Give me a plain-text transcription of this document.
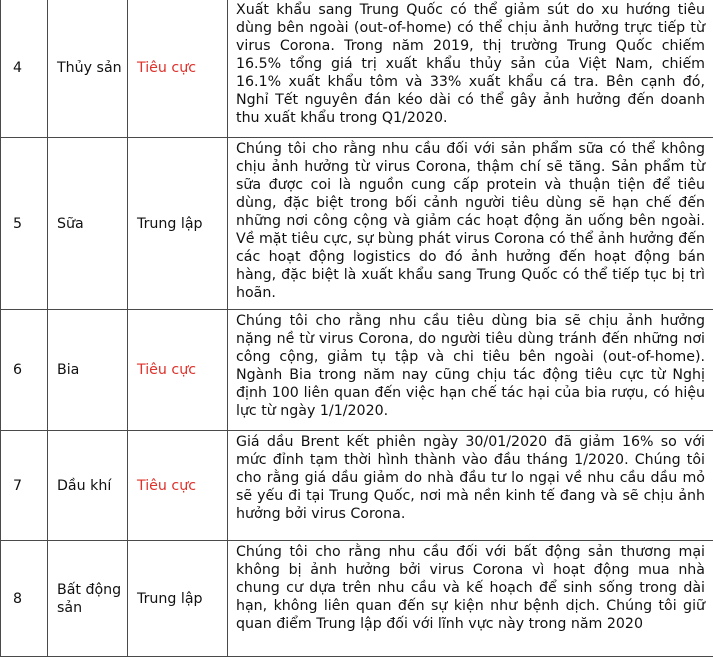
4	Thủy sản	Tiêu cực	Xuất khẩu sang Trung Quốc có thể giảm sút do xu hướng tiêu dùng bên ngoài (out-of-home) có thể chịu ảnh hưởng trực tiếp từ virus Corona. Trong năm 2019, thị trường Trung Quốc chiếm 16.5% tổng giá trị xuất khẩu thủy sản của Việt Nam, chiếm 16.1% xuất khẩu tôm và 33% xuất khẩu cá tra. Bên cạnh đó, Nghỉ Tết nguyên đán kéo dài có thể gây ảnh hưởng đến doanh thu xuất khẩu trong Q1/2020.
5	Sữa	Trung lập	Chúng tôi cho rằng nhu cầu đối với sản phẩm sữa có thể không chịu ảnh hưởng từ virus Corona, thậm chí sẽ tăng. Sản phẩm từ sữa được coi là nguồn cung cấp protein và thuận tiện để tiêu dùng, đặc biệt trong bối cảnh người tiêu dùng sẽ hạn chế đến những nơi công cộng và giảm các hoạt động ăn uống bên ngoài. Về mặt tiêu cực, sự bùng phát virus Corona có thể ảnh hưởng đến các hoạt động logistics do đó ảnh hưởng đến hoạt động bán hàng, đặc biệt là xuất khẩu sang Trung Quốc có thể tiếp tục bị trì hoãn.
6	Bia	Tiêu cực	Chúng tôi cho rằng nhu cầu tiêu dùng bia sẽ chịu ảnh hưởng nặng nề từ virus Corona, do người tiêu dùng tránh đến những nơi công cộng, giảm tụ tập và chi tiêu bên ngoài (out-of-home). Ngành Bia trong năm nay cũng chịu tác động tiêu cực từ Nghị định 100 liên quan đến việc hạn chế tác hại của bia rượu, có hiệu lực từ ngày 1/1/2020.
7	Dầu khí	Tiêu cực	Giá dầu Brent kết phiên ngày 30/01/2020 đã giảm 16% so với mức đỉnh tạm thời hình thành vào đầu tháng 1/2020. Chúng tôi cho rằng giá dầu giảm do nhà đầu tư lo ngại về nhu cầu dầu mỏ sẽ yếu đi tại Trung Quốc, nơi mà nền kinh tế đang và sẽ chịu ảnh hưởng bởi virus Corona.
8	Bất động sản	Trung lập	Chúng tôi cho rằng nhu cầu đối với bất động sản thương mại không bị ảnh hưởng bởi virus Corona vì hoạt động mua nhà chung cư dựa trên nhu cầu và kế hoạch để sinh sống trong dài hạn, không liên quan đến sự kiện như bệnh dịch. Chúng tôi giữ quan điểm Trung lập đối với lĩnh vực này trong năm 2020
